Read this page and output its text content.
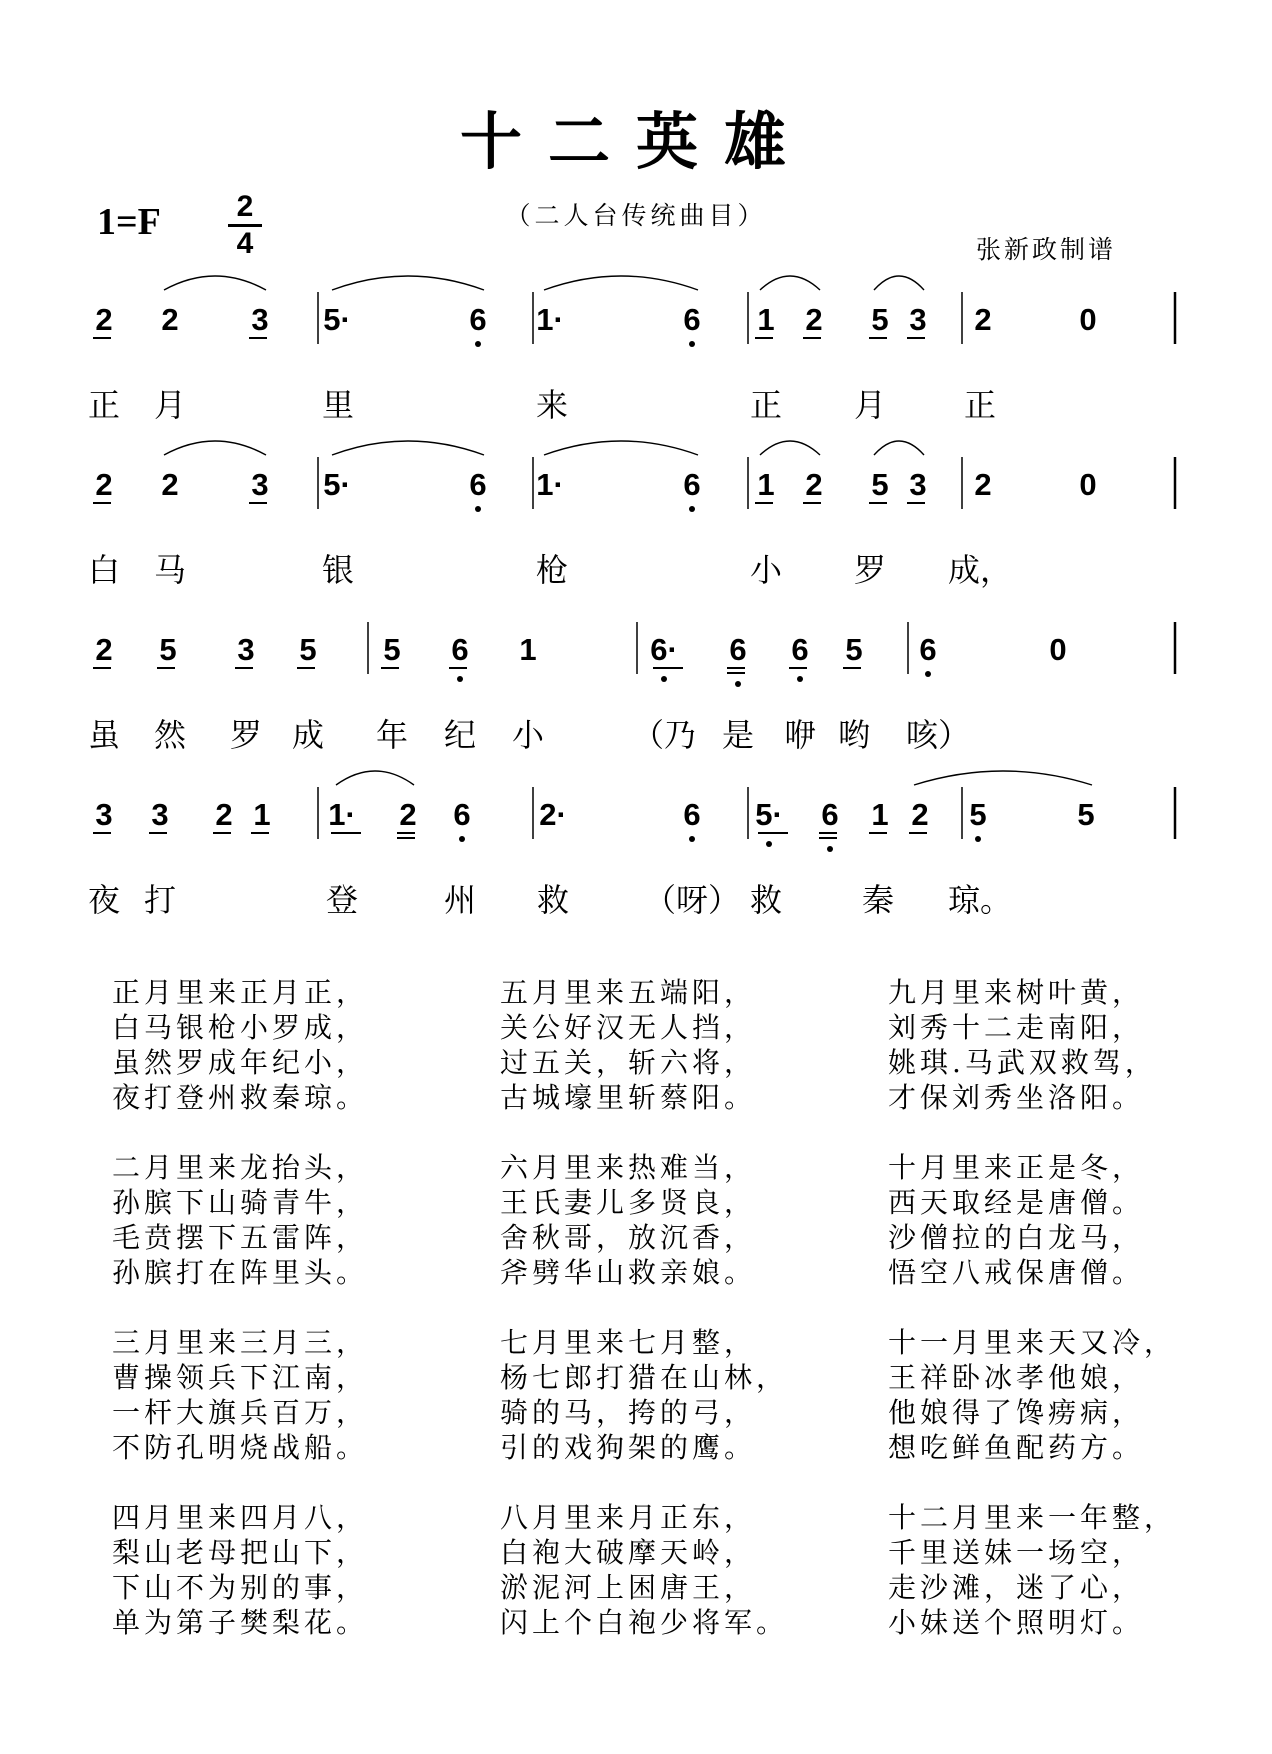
十二英雄
（二人台传统曲目）
1=F	2
4	张新政制谱
2 2 3 5·	6 1·	6 1 2 5 3 2	0
2 2 3 5·	6 1·	6 1 2 5 3 2	0
2 5 3 5 5 6 1	6· 6 6 5 6	0
3 3 2 1 1· 2 6 2·	6 5· 6 1 2 5	5
正 月	里	来	正 月 正
白 马	银	枪	小 罗 成，
虽 然 罗 成 年 纪 小	（乃 是 咿 哟 咳）
夜 打	登	州 救 （呀） 救 秦 琼。
正月里来正月正，
白马银枪小罗成，
虽然罗成年纪小，
夜打登州救秦琼。
五月里来五端阳，
关公好汉无人挡，
过五关，斩六将，
古城壕里斩蔡阳。
九月里来树叶黄，
刘秀十二走南阳，
姚琪.马武双救驾，
才保刘秀坐洛阳。
二月里来龙抬头，
孙膑下山骑青牛，
毛贲摆下五雷阵，
孙膑打在阵里头。
六月里来热难当，
王氏妻儿多贤良，
舍秋哥，放沉香，
斧劈华山救亲娘。
十月里来正是冬，
西天取经是唐僧。
沙僧拉的白龙马，
悟空八戒保唐僧。
三月里来三月三，
曹操领兵下江南，
一杆大旗兵百万，
不防孔明烧战船。
七月里来七月整，
杨七郎打猎在山林，
骑的马，挎的弓，
引的戏狗架的鹰。
十一月里来天又冷，
王祥卧冰孝他娘，
他娘得了馋痨病，
想吃鲜鱼配药方。
四月里来四月八，
梨山老母把山下，
下山不为别的事，
单为第子樊梨花。
八月里来月正东，
白袍大破摩天岭，
淤泥河上困唐王，
闪上个白袍少将军。
十二月里来一年整，
千里送妹一场空，
走沙滩，迷了心，
小妹送个照明灯。
